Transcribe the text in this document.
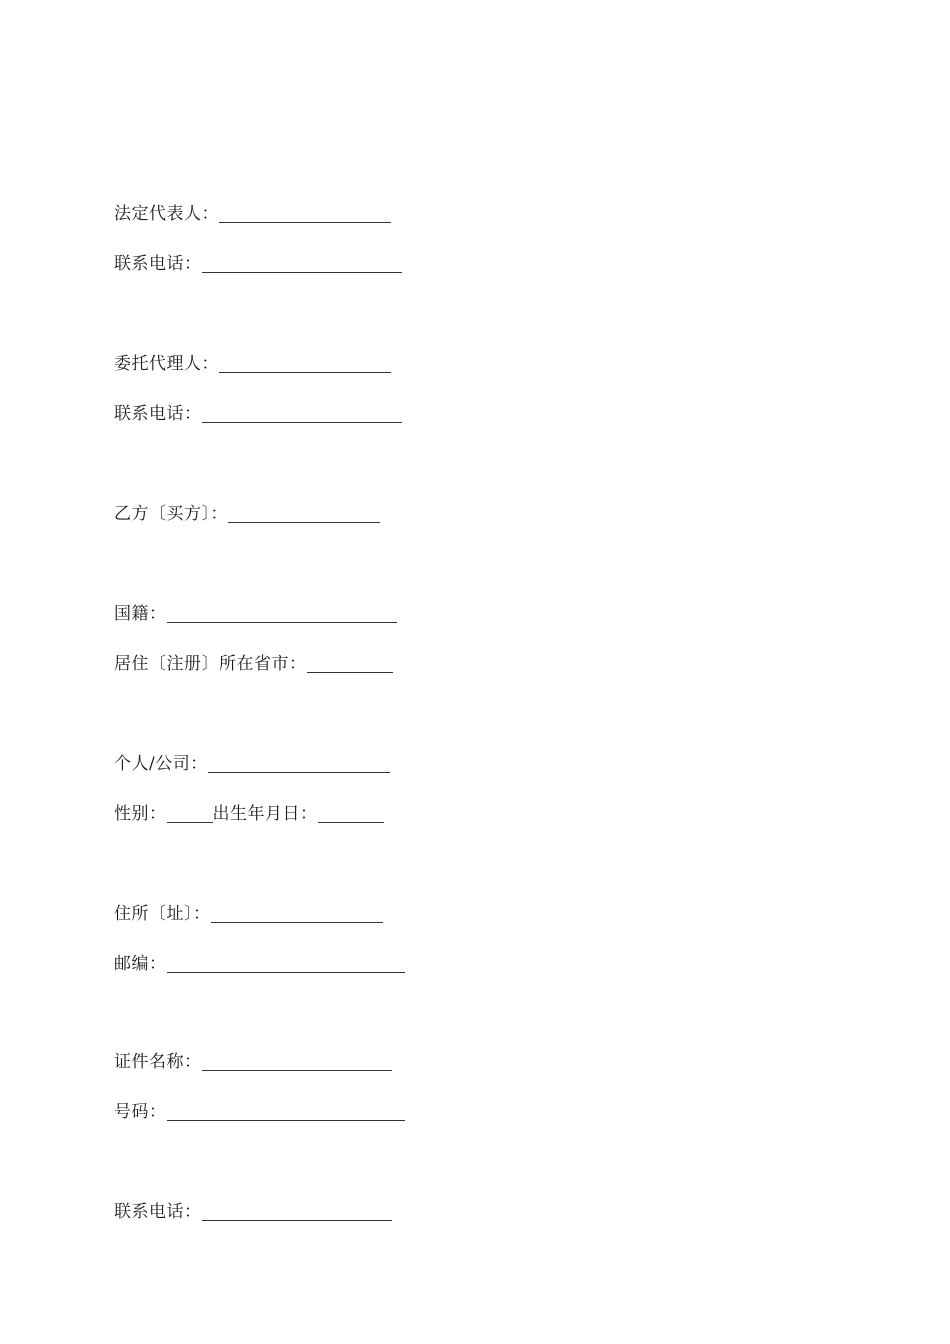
法定代表人：
联系电话：
委托代理人：
联系电话：
乙方〔买方〕：
国籍：
居住〔注册〕所在省市：
个人/公司：
性别：	出生年月日：
住所〔址〕：
邮编：
证件名称：
号码：
联系电话：
